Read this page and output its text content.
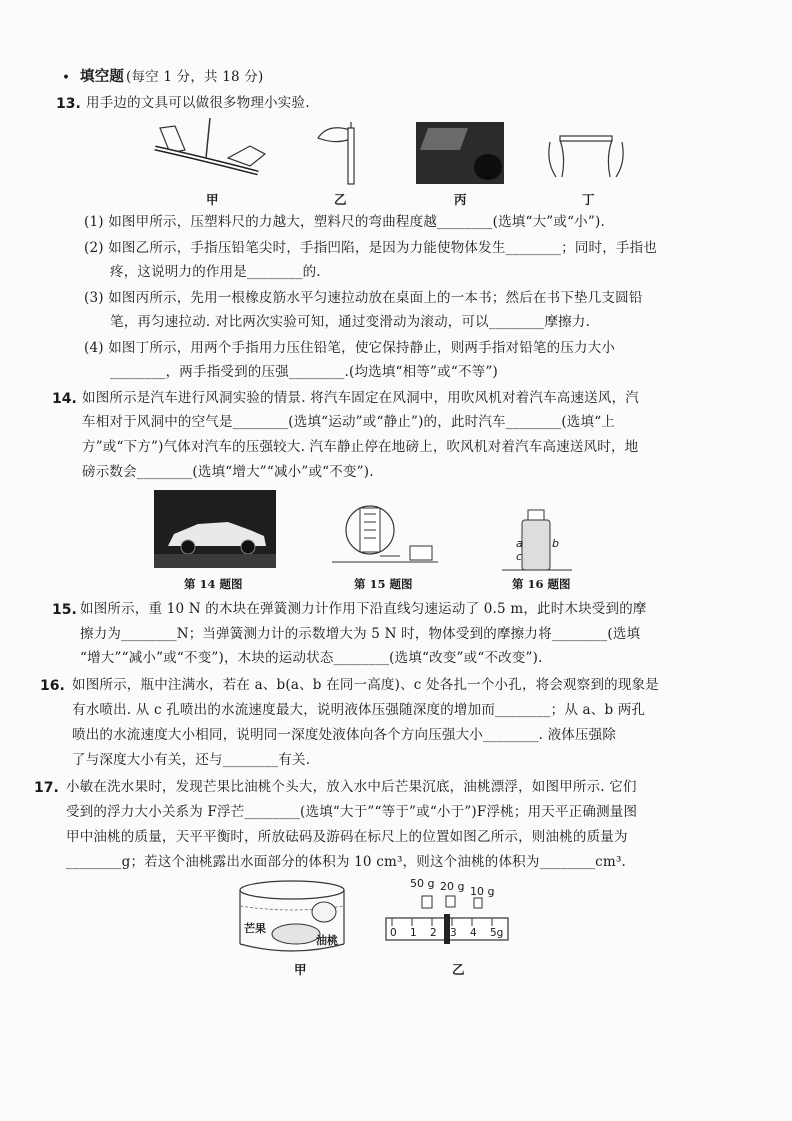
• 填空题 (每空 1 分，共 18 分)
13. 用手边的文具可以做很多物理小实验.
甲	乙	丙	丁
(1) 如图甲所示，压塑料尺的力越大，塑料尺的弯曲程度越________(选填“大”或“小”).
(2) 如图乙所示，手指压铅笔尖时，手指凹陷，是因为力能使物体发生________；同时，手指也
疼，这说明力的作用是________的.
(3) 如图丙所示，先用一根橡皮筋水平匀速拉动放在桌面上的一本书；然后在书下垫几支圆铅
笔，再匀速拉动. 对比两次实验可知，通过变滑动为滚动，可以________摩擦力.
(4) 如图丁所示，用两个手指用力压住铅笔，使它保持静止，则两手指对铅笔的压力大小
________，两手指受到的压强________.(均选填“相等”或“不等”)
14. 如图所示是汽车进行风洞实验的情景. 将汽车固定在风洞中，用吹风机对着汽车高速送风，汽
车相对于风洞中的空气是________(选填“运动”或“静止”)的，此时汽车________(选填“上
方”或“下方”)气体对汽车的压强较大. 汽车静止停在地磅上，吹风机对着汽车高速送风时，地
磅示数会________(选填“增大”“减小”或“不变”).
a	b
c
第 14 题图	第 15 题图	第 16 题图
15. 如图所示，重 10 N 的木块在弹簧测力计作用下沿直线匀速运动了 0.5 m，此时木块受到的摩
擦力为________N；当弹簧测力计的示数增大为 5 N 时，物体受到的摩擦力将________(选填
“增大”“减小”或“不变”)，木块的运动状态________(选填“改变”或“不改变”).
16. 如图所示，瓶中注满水，若在 a、b(a、b 在同一高度)、c 处各扎一个小孔，将会观察到的现象是
有水喷出. 从 c 孔喷出的水流速度最大，说明液体压强随深度的增加而________；从 a、b 两孔
喷出的水流速度大小相同，说明同一深度处液体向各个方向压强大小________. 液体压强除
了与深度大小有关，还与________有关.
17. 小敏在洗水果时，发现芒果比油桃个头大，放入水中后芒果沉底，油桃漂浮，如图甲所示. 它们
受到的浮力大小关系为 F浮芒________(选填“大于”“等于”或“小于”)F浮桃；用天平正确测量图
甲中油桃的质量，天平平衡时，所放砝码及游码在标尺上的位置如图乙所示，则油桃的质量为
________g；若这个油桃露出水面部分的体积为 10 cm³，则这个油桃的体积为________cm³.
芒果
油桃
甲
50 g 20 g 10 g
0 1 2 3 4 5g
乙
